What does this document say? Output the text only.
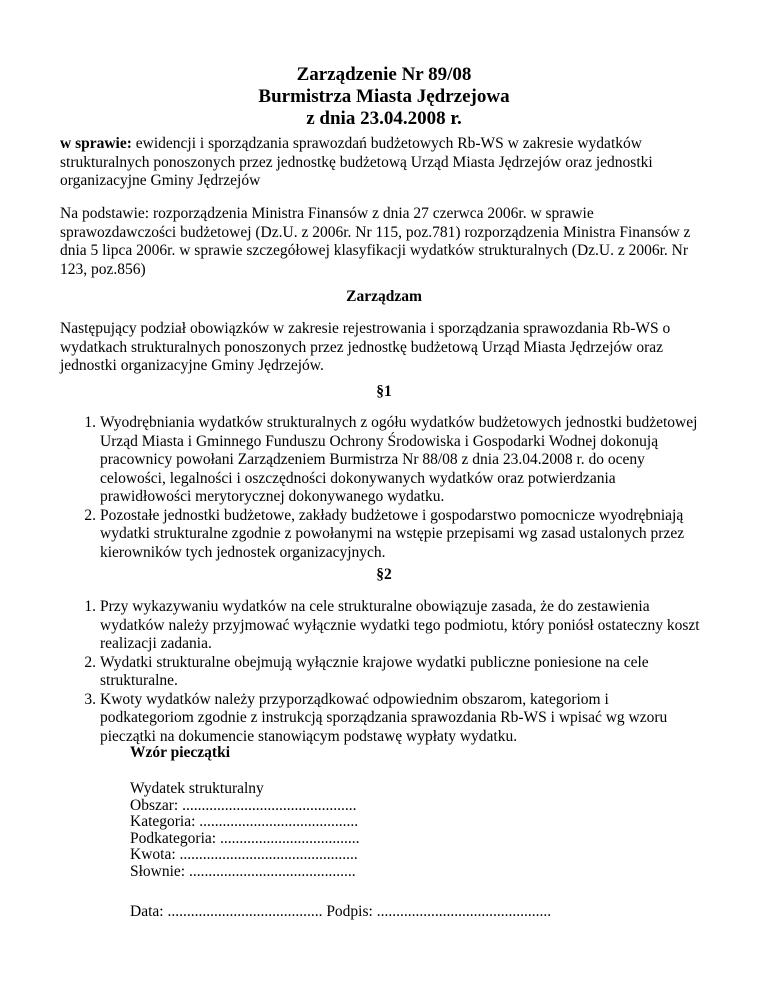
Zarządzenie Nr 89/08
Burmistrza Miasta Jędrzejowa
z dnia 23.04.2008 r.
w sprawie: ewidencji i sporządzania sprawozdań budżetowych Rb-WS w zakresie wydatków strukturalnych ponoszonych przez jednostkę budżetową Urząd Miasta Jędrzejów oraz jednostki organizacyjne Gminy Jędrzejów
Na podstawie: rozporządzenia Ministra Finansów z dnia 27 czerwca 2006r. w sprawie sprawozdawczości budżetowej (Dz.U. z 2006r. Nr 115, poz.781) rozporządzenia Ministra Finansów z dnia 5 lipca 2006r. w sprawie szczegółowej klasyfikacji wydatków strukturalnych (Dz.U. z 2006r. Nr 123, poz.856)
Zarządzam
Następujący podział obowiązków w zakresie rejestrowania i sporządzania sprawozdania Rb-WS o wydatkach strukturalnych ponoszonych przez jednostkę budżetową Urząd Miasta Jędrzejów oraz jednostki organizacyjne Gminy Jędrzejów.
§1
1. Wyodrębniania wydatków strukturalnych z ogółu wydatków budżetowych jednostki budżetowej Urząd Miasta i Gminnego Funduszu Ochrony Środowiska i Gospodarki Wodnej dokonują pracownicy powołani Zarządzeniem Burmistrza Nr 88/08 z dnia 23.04.2008 r. do oceny celowości, legalności i oszczędności dokonywanych wydatków oraz potwierdzania prawidłowości merytorycznej dokonywanego wydatku.
2. Pozostałe jednostki budżetowe, zakłady budżetowe i gospodarstwo pomocnicze wyodrębniają wydatki strukturalne zgodnie z powołanymi na wstępie przepisami wg zasad ustalonych przez kierowników tych jednostek organizacyjnych.
§2
1. Przy wykazywaniu wydatków na cele strukturalne obowiązuje zasada, że do zestawienia wydatków należy przyjmować wyłącznie wydatki tego podmiotu, który poniósł ostateczny koszt realizacji zadania.
2. Wydatki strukturalne obejmują wyłącznie krajowe wydatki publiczne poniesione na cele strukturalne.
3. Kwoty wydatków należy przyporządkować odpowiednim obszarom, kategoriom i podkategoriom zgodnie z instrukcją sporządzania sprawozdania Rb-WS i wpisać wg wzoru pieczątki na dokumencie stanowiącym podstawę wypłaty wydatku.
Wzór pieczątki
Wydatek strukturalny
Obszar: .............................................
Kategoria: .........................................
Podkategoria: ....................................
Kwota: ..............................................
Słownie: ...........................................
Data: ........................................ Podpis: .............................................
